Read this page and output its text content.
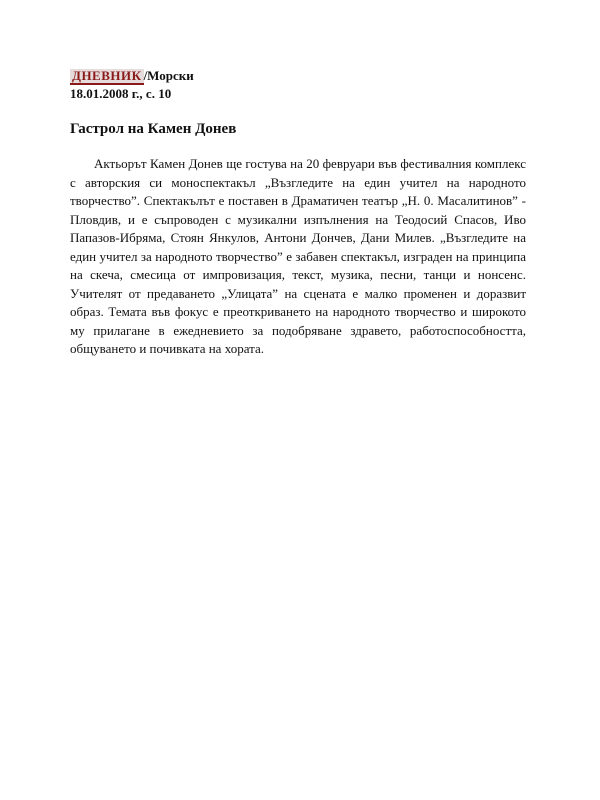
ДНЕВНИК /Морски
18.01.2008 г., с. 10
Гастрол на Камен Донев

Актьорът Камен Донев ще гостува на 20 февруари във фестивалния комплекс с авторския си моноспектакъл „Възгледите на един учител на народното творчество”. Спектакълът е поставен в Драматичен театър „Н. 0. Масалитинов” - Пловдив, и е съпроводен с музикални изпълнения на Теодосий Спасов, Иво Папазов-Ибряма, Стоян Янкулов, Антони Дончев, Дани Милев. „Възгледите на един учител за народното творчество” е забавен спектакъл, изграден на принципа на скеча, смесица от импровизация, текст, музика, песни, танци и нонсенс. Учителят от предаването „Улицата” на сцената е малко променен и доразвит образ. Темата във фокус е преоткриването на народното творчество и широкото му прилагане в ежедневието за подобряване здравето, работоспособността, общуването и почивката на хората.
